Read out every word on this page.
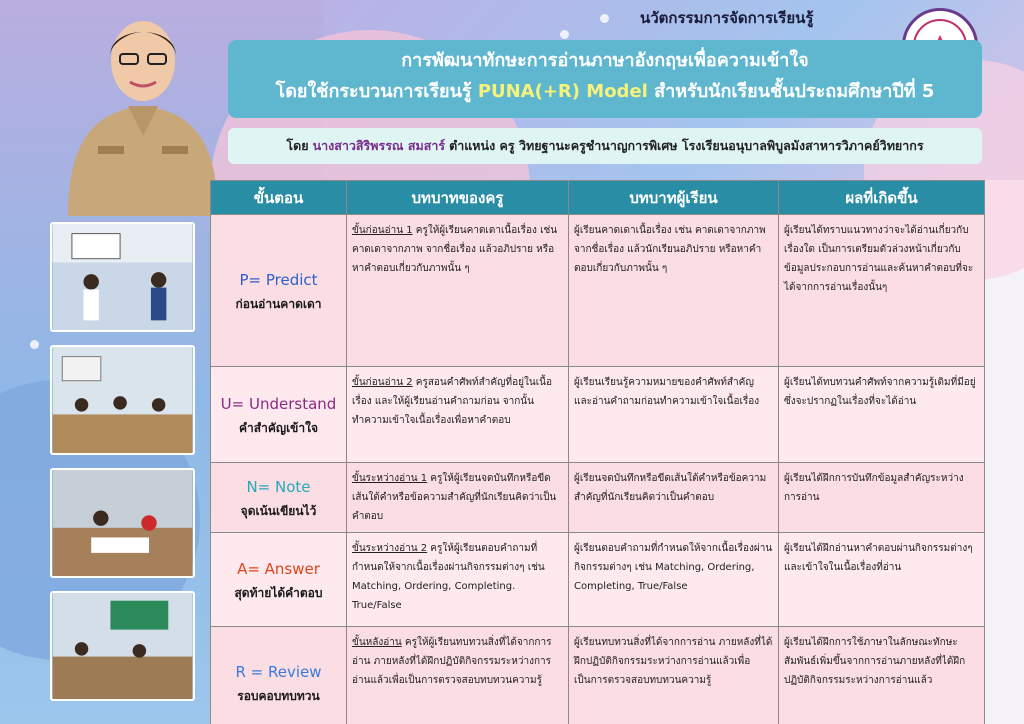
นวัตกรรมการจัดการเรียนรู้
การพัฒนาทักษะการอ่านภาษาอังกฤษเพื่อความเข้าใจ
โดยใช้กระบวนการเรียนรู้ PUNA(+R) Model สำหรับนักเรียนชั้นประถมศึกษาปีที่ 5
โดย นางสาวสิริพรรณ สมสาร์ ตำแหน่ง ครู วิทยฐานะครูชำนาญการพิเศษ โรงเรียนอนุบาลพิบูลมังสาหารวิภาคย์วิทยากร

ขั้นตอน	บทบาทของครู	บทบาทผู้เรียน	ผลที่เกิดขึ้น

P= Predict
ก่อนอ่านคาดเดา	ขั้นก่อนอ่าน 1 ครูให้ผู้เรียนคาดเดาเนื้อเรื่อง เช่น คาดเดาจากภาพ จากชื่อเรื่อง แล้วอภิปราย หรือหาคำตอบเกี่ยวกับภาพนั้น ๆ	ผู้เรียนคาดเดาเนื้อเรื่อง เช่น คาดเดาจากภาพ จากชื่อเรื่อง แล้วนักเรียนอภิปราย หรือหาคำตอบเกี่ยวกับภาพนั้น ๆ	ผู้เรียนได้ทราบแนวทางว่าจะได้อ่านเกี่ยวกับเรื่องใด เป็นการเตรียมตัวล่วงหน้าเกี่ยวกับข้อมูลประกอบการอ่านและค้นหาคำตอบที่จะได้จากการอ่านเรื่องนั้นๆ

U= Understand
คำสำคัญเข้าใจ	ขั้นก่อนอ่าน 2 ครูสอนคำศัพท์สำคัญที่อยู่ในเนื้อเรื่อง และให้ผู้เรียนอ่านคำถามก่อน จากนั้นทำความเข้าใจเนื้อเรื่องเพื่อหาคำตอบ	ผู้เรียนเรียนรู้ความหมายของคำศัพท์สำคัญ และอ่านคำถามก่อนทำความเข้าใจเนื้อเรื่อง	ผู้เรียนได้ทบทวนคำศัพท์จากความรู้เดิมที่มีอยู่ ซึ่งจะปรากฏในเรื่องที่จะได้อ่าน

N= Note
จุดเน้นเขียนไว้	ขั้นระหว่างอ่าน 1 ครูให้ผู้เรียนจดบันทึกหรือขีดเส้นใต้คำหรือข้อความสำคัญที่นักเรียนคิดว่าเป็นคำตอบ	ผู้เรียนจดบันทึกหรือขีดเส้นใต้คำหรือข้อความสำคัญที่นักเรียนคิดว่าเป็นคำตอบ	ผู้เรียนได้ฝึกการบันทึกข้อมูลสำคัญระหว่างการอ่าน

A= Answer
สุดท้ายได้คำตอบ	ขั้นระหว่างอ่าน 2 ครูให้ผู้เรียนตอบคำถามที่กำหนดให้จากเนื้อเรื่องผ่านกิจกรรมต่างๆ เช่น Matching, Ordering, Completing. True/False	ผู้เรียนตอบคำถามที่กำหนดให้จากเนื้อเรื่องผ่านกิจกรรมต่างๆ เช่น Matching, Ordering, Completing, True/False	ผู้เรียนได้ฝึกอ่านหาคำตอบผ่านกิจกรรมต่างๆ และเข้าใจในเนื้อเรื่องที่อ่าน

R = Review
รอบคอบทบทวน	ขั้นหลังอ่าน ครูให้ผู้เรียนทบทวนสิ่งที่ได้จากการอ่าน ภายหลังที่ได้ฝึกปฏิบัติกิจกรรมระหว่างการอ่านแล้วเพื่อเป็นการตรวจสอบทบทวนความรู้	ผู้เรียนทบทวนสิ่งที่ได้จากการอ่าน ภายหลังที่ได้ฝึกปฏิบัติกิจกรรมระหว่างการอ่านแล้วเพื่อเป็นการตรวจสอบทบทวนความรู้	ผู้เรียนได้ฝึกการใช้ภาษาในลักษณะทักษะสัมพันธ์เพิ่มขึ้นจากการอ่านภายหลังที่ได้ฝึกปฏิบัติกิจกรรมระหว่างการอ่านแล้ว
